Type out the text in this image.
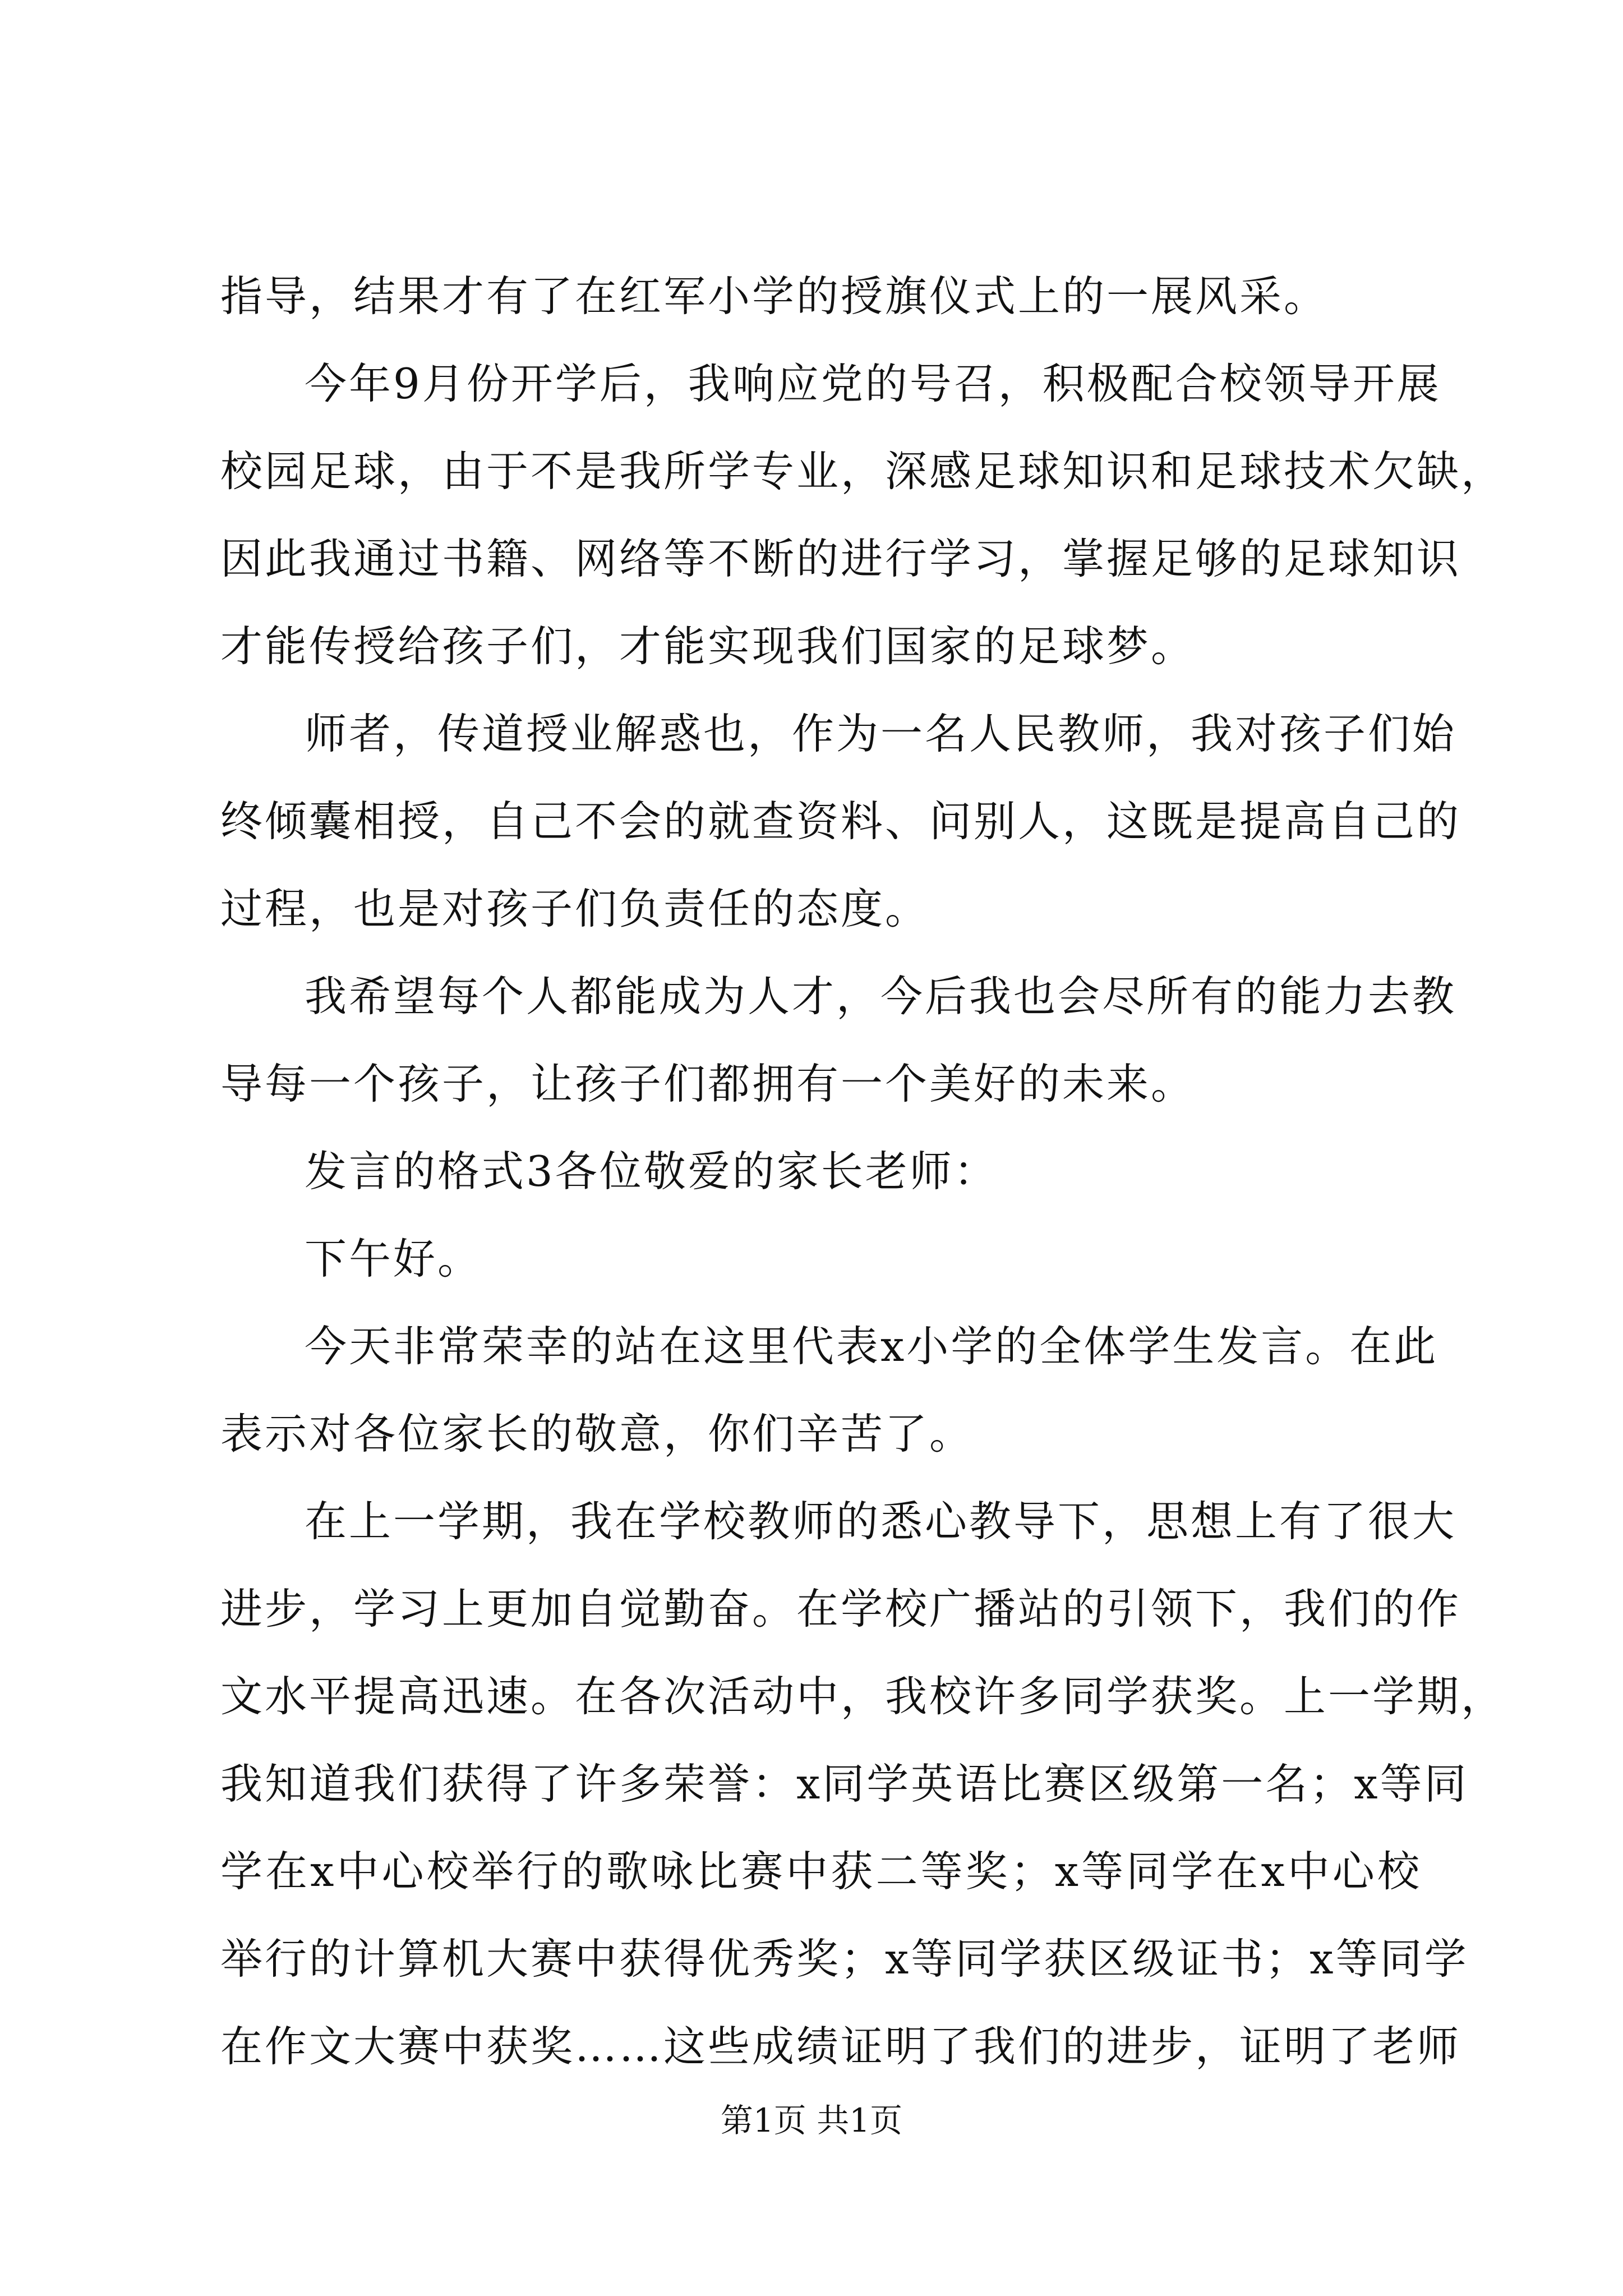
指导，结果才有了在红军小学的授旗仪式上的一展风采。
今年9月份开学后，我响应党的号召，积极配合校领导开展
校园足球，由于不是我所学专业，深感足球知识和足球技术欠缺，
因此我通过书籍、网络等不断的进行学习，掌握足够的足球知识
才能传授给孩子们，才能实现我们国家的足球梦。
师者，传道授业解惑也，作为一名人民教师，我对孩子们始
终倾囊相授，自己不会的就查资料、问别人，这既是提高自己的
过程，也是对孩子们负责任的态度。
我希望每个人都能成为人才，今后我也会尽所有的能力去教
导每一个孩子，让孩子们都拥有一个美好的未来。
发言的格式3各位敬爱的家长老师：
下午好。
今天非常荣幸的站在这里代表x小学的全体学生发言。在此
表示对各位家长的敬意，你们辛苦了。
在上一学期，我在学校教师的悉心教导下，思想上有了很大
进步，学习上更加自觉勤奋。在学校广播站的引领下，我们的作
文水平提高迅速。在各次活动中，我校许多同学获奖。上一学期，
我知道我们获得了许多荣誉：x同学英语比赛区级第一名；x等同
学在x中心校举行的歌咏比赛中获二等奖；x等同学在x中心校
举行的计算机大赛中获得优秀奖；x等同学获区级证书；x等同学
在作文大赛中获奖……这些成绩证明了我们的进步，证明了老师
第1页 共1页
